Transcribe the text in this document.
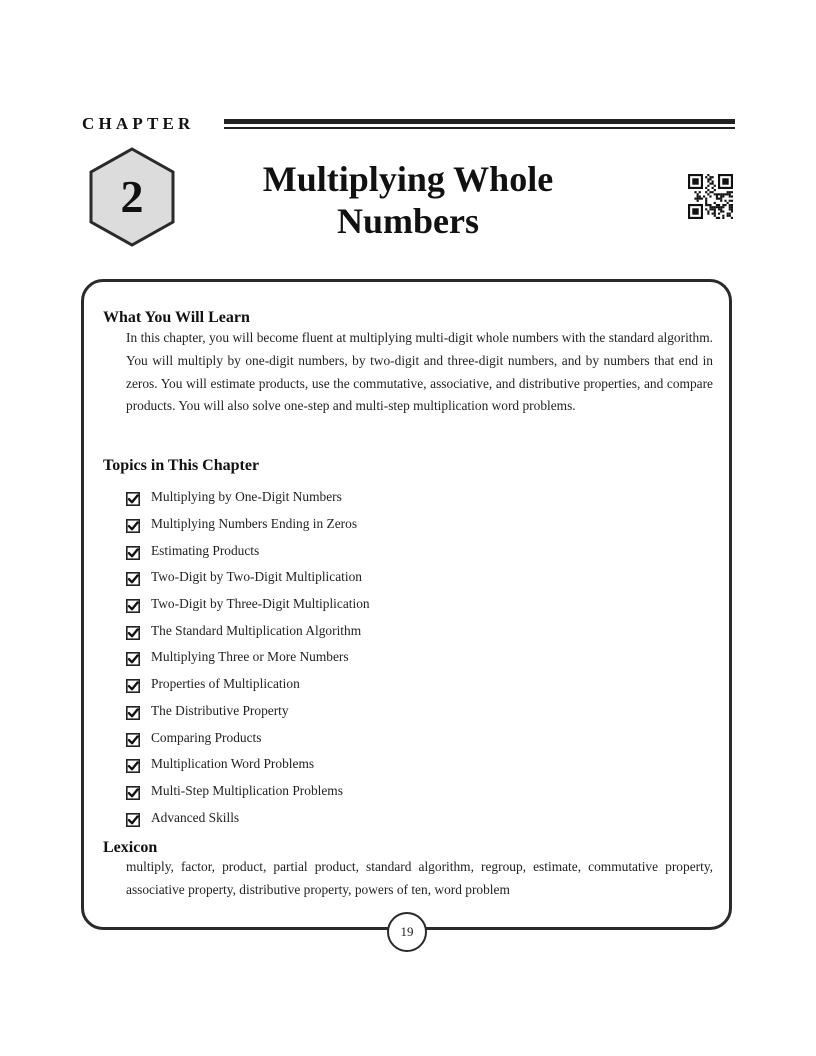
CHAPTER
2	Multiplying Whole
Numbers
What You Will Learn
In this chapter, you will become fluent at multiplying multi-digit whole numbers with the standard algorithm. You will multiply by one-digit numbers, by two-digit and three-digit numbers, and by numbers that end in zeros. You will estimate products, use the commutative, associative, and distributive properties, and compare products. You will also solve one-step and multi-step multiplication word problems.
Topics in This Chapter
Multiplying by One-Digit Numbers
Multiplying Numbers Ending in Zeros
Estimating Products
Two-Digit by Two-Digit Multiplication
Two-Digit by Three-Digit Multiplication
The Standard Multiplication Algorithm
Multiplying Three or More Numbers
Properties of Multiplication
The Distributive Property
Comparing Products
Multiplication Word Problems
Multi-Step Multiplication Problems
Advanced Skills
Lexicon
multiply, factor, product, partial product, standard algorithm, regroup, estimate, commutative property, associative property, distributive property, powers of ten, word problem
19
